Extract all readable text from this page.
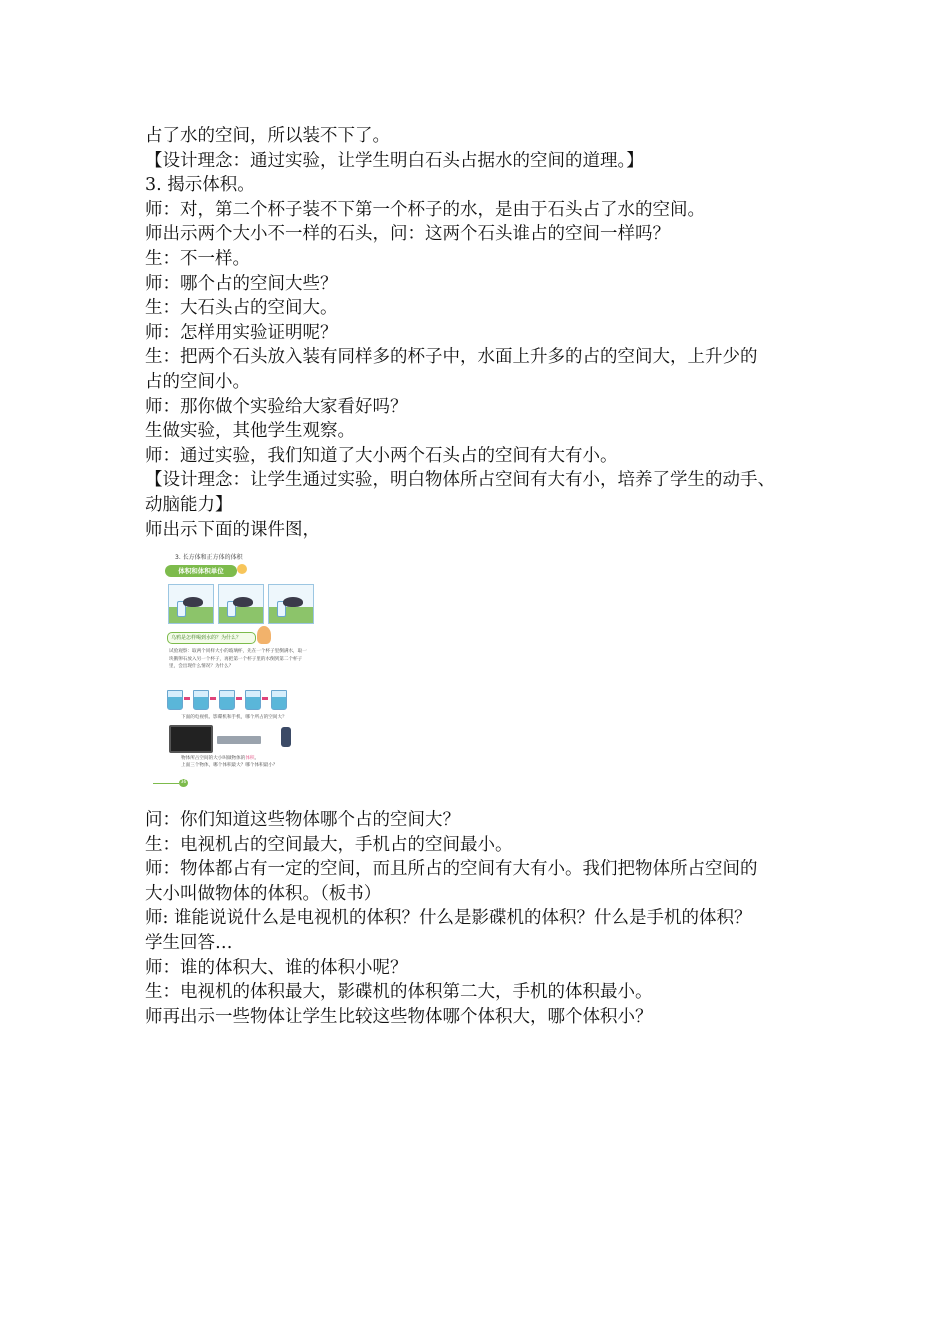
占了水的空间，所以装不下了。
【设计理念：通过实验，让学生明白石头占据水的空间的道理。】
3. 揭示体积。
师：对，第二个杯子装不下第一个杯子的水，是由于石头占了水的空间。
师出示两个大小不一样的石头，问：这两个石头谁占的空间一样吗？
生：不一样。
师：哪个占的空间大些？
生：大石头占的空间大。
师：怎样用实验证明呢？
生：把两个石头放入装有同样多的杯子中，水面上升多的占的空间大，上升少的
占的空间小。
师：那你做个实验给大家看好吗？
生做实验，其他学生观察。
师：通过实验，我们知道了大小两个石头占的空间有大有小。
【设计理念：让学生通过实验，明白物体所占空间有大有小，培养了学生的动手、
动脑能力】
师出示下面的课件图，
3. 长方体和正方体的体积
体积和体积单位
乌鸦是怎样喝到水的？为什么？
试验观察：取两个同样大小的玻璃杯，先在一个杯子里倒满水，取一块鹅卵石放入另一个杯子，再把第一个杯子里的水倒到第二个杯子里，会出现什么情况？为什么？
下面的电视机、影碟机和手机，哪个所占的空间大？
物体所占空间的大小叫做物体的体积。
上面三个物体，哪个体积最大？哪个体积最小？
36
问：你们知道这些物体哪个占的空间大？
生：电视机占的空间最大，手机占的空间最小。
师：物体都占有一定的空间，而且所占的空间有大有小。我们把物体所占空间的
大小叫做物体的体积。（板书）
师: 谁能说说什么是电视机的体积？什么是影碟机的体积？什么是手机的体积？
学生回答…
师：谁的体积大、谁的体积小呢？
生：电视机的体积最大，影碟机的体积第二大，手机的体积最小。
师再出示一些物体让学生比较这些物体哪个体积大，哪个体积小？
